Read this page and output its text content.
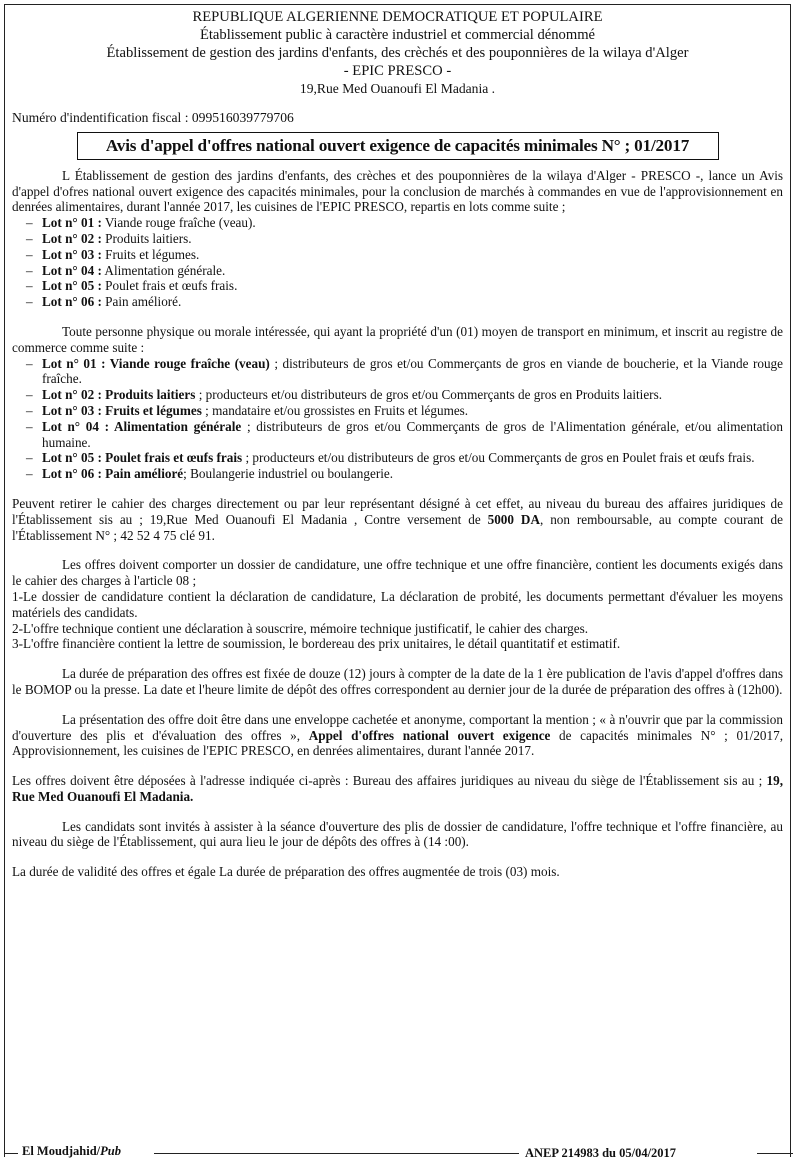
REPUBLIQUE ALGERIENNE DEMOCRATIQUE ET POPULAIRE
Établissement public à caractère industriel et commercial dénommé
Établissement de gestion des jardins d'enfants, des crèchés et des pouponnières de la wilaya d'Alger
- EPIC PRESCO -
19,Rue Med Ouanoufi El Madania .
Numéro d'indentification fiscal : 099516039779706
Avis d'appel d'offres national ouvert exigence de capacités minimales N° ; 01/2017

L Établissement de gestion des jardins d'enfants, des crèches et des pouponnières de la wilaya d'Alger - PRESCO -, lance un Avis d'appel d'ofres national ouvert exigence des capacités minimales, pour la conclusion de marchés à commandes en vue de l'approvisionnement en denrées alimentaires, durant l'année 2017, les cuisines de l'EPIC PRESCO, repartis en lots comme suite ;

– Lot n° 01 : Viande rouge fraîche (veau).
– Lot n° 02 : Produits laitiers.
– Lot n° 03 : Fruits et légumes.
– Lot n° 04 : Alimentation générale.
– Lot n° 05 : Poulet frais et œufs frais.
– Lot n° 06 : Pain amélioré.

Toute personne physique ou morale intéressée, qui ayant la propriété d'un (01) moyen de transport en minimum, et inscrit au registre de commerce comme suite :

– Lot n° 01 : Viande rouge fraîche (veau) ; distributeurs de gros et/ou Commerçants de gros en viande de boucherie, et la Viande rouge fraîche.
– Lot n° 02 : Produits laitiers ; producteurs et/ou distributeurs de gros et/ou Commerçants de gros en Produits laitiers.
– Lot n° 03 : Fruits et légumes ; mandataire et/ou grossistes en Fruits et légumes.
– Lot n° 04 : Alimentation générale ; distributeurs de gros et/ou Commerçants de gros de l'Alimentation générale, et/ou alimentation humaine.
– Lot n° 05 : Poulet frais et œufs frais ; producteurs et/ou distributeurs de gros et/ou Commerçants de gros en Poulet frais et œufs frais.
– Lot n° 06 : Pain amélioré; Boulangerie industriel ou boulangerie.

Peuvent retirer le cahier des charges directement ou par leur représentant désigné à cet effet, au niveau du bureau des affaires juridiques de l'Établissement sis au ; 19,Rue Med Ouanoufi El Madania , Contre versement de 5000 DA, non remboursable, au compte courant de l'Établissement N° ; 42 52 4 75 clé 91.

Les offres doivent comporter un dossier de candidature, une offre technique et une offre financière, contient les documents exigés dans le cahier des charges à l'article 08 ;

1-Le dossier de candidature contient la déclaration de candidature, La déclaration de probité, les documents permettant d'évaluer les moyens matériels des candidats.

2-L'offre technique contient une déclaration à souscrire, mémoire technique justificatif, le cahier des charges.

3-L'offre financière contient la lettre de soumission, le bordereau des prix unitaires, le détail quantitatif et estimatif.

La durée de préparation des offres est fixée de douze (12) jours à compter de la date de la 1 ère publication de l'avis d'appel d'offres dans le BOMOP ou la presse. La date et l'heure limite de dépôt des offres correspondent au dernier jour de la durée de préparation des offres à (12h00).

La présentation des offre doit être dans une enveloppe cachetée et anonyme, comportant la mention ; « à n'ouvrir que par la commission d'ouverture des plis et d'évaluation des offres », Appel d'offres national ouvert exigence de capacités minimales N° ; 01/2017, Approvisionnement, les cuisines de l'EPIC PRESCO, en denrées alimentaires, durant l'année 2017.

Les offres doivent être déposées à l'adresse indiquée ci-après : Bureau des affaires juridiques au niveau du siège de l'Établissement sis au ; 19, Rue Med Ouanoufi El Madania.

Les candidats sont invités à assister à la séance d'ouverture des plis de dossier de candidature, l'offre technique et l'offre financière, au niveau du siège de l'Établissement, qui aura lieu le jour de dépôts des offres à (14 :00).

La durée de validité des offres et égale La durée de préparation des offres augmentée de trois (03) mois.

El Moudjahid/Pub	ANEP 214983 du 05/04/2017
